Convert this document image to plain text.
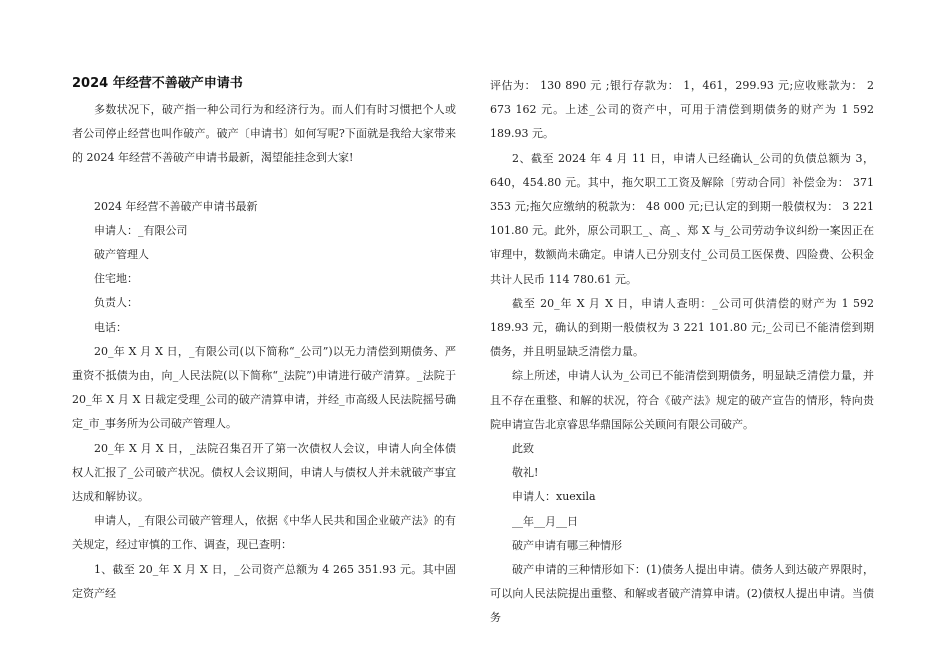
2024 年经营不善破产申请书

多数状况下，破产指一种公司行为和经济行为。而人们有时习惯把个人或者公司停止经营也叫作破产。破产〔申请书〕如何写呢?下面就是我给大家带来的 2024 年经营不善破产申请书最新，渴望能挂念到大家!

2024 年经营不善破产申请书最新

申请人：_有限公司

破产管理人

住宅地：

负责人：

电话：

20_年 X 月 X 日，_有限公司(以下简称“_公司”)以无力清偿到期债务、严重资不抵债为由，向_人民法院(以下简称“_法院”)申请进行破产清算。_法院于 20_年 X 月 X 日裁定受理_公司的破产清算申请，并经_市高级人民法院摇号确定_市_事务所为公司破产管理人。

20_年 X 月 X 日，_法院召集召开了第一次债权人会议，申请人向全体债权人汇报了_公司破产状况。债权人会议期间，申请人与债权人并未就破产事宜达成和解协议。

申请人，_有限公司破产管理人，依据《中华人民共和国企业破产法》的有关规定，经过审慎的工作、调查，现已查明：

1、截至 20_年 X 月 X 日，_公司资产总额为 4 265 351.93 元。其中固定资产经

评估为： 130 890 元 ;银行存款为： 1，461，299.93 元;应收账款为： 2 673 162 元。上述_公司的资产中，可用于清偿到期债务的财产为 1 592 189.93 元。

2、截至 2024 年 4 月 11 日，申请人已经确认_公司的负债总额为 3，640，454.80 元。其中，拖欠职工工资及解除〔劳动合同〕补偿金为： 371 353 元;拖欠应缴纳的税款为： 48 000 元;已认定的到期一般债权为： 3 221 101.80 元。此外，原公司职工_、高_、郑 X 与_公司劳动争议纠纷一案因正在审理中，数额尚未确定。申请人已分别支付_公司员工医保费、四险费、公积金共计人民币 114 780.61 元。

截至 20_年 X 月 X 日，申请人查明：_公司可供清偿的财产为 1 592 189.93 元，确认的到期一般债权为 3 221 101.80 元;_公司已不能清偿到期债务，并且明显缺乏清偿力量。

综上所述，申请人认为_公司已不能清偿到期债务，明显缺乏清偿力量，并且不存在重整、和解的状况，符合《破产法》规定的破产宣告的情形，特向贵院申请宣告北京睿思华鼎国际公关顾问有限公司破产。

此致

敬礼!

申请人：xuexila

__年__月__日

破产申请有哪三种情形

破产申请的三种情形如下：(1)债务人提出申请。债务人到达破产界限时，可以向人民法院提出重整、和解或者破产清算申请。(2)债权人提出申请。当债务
